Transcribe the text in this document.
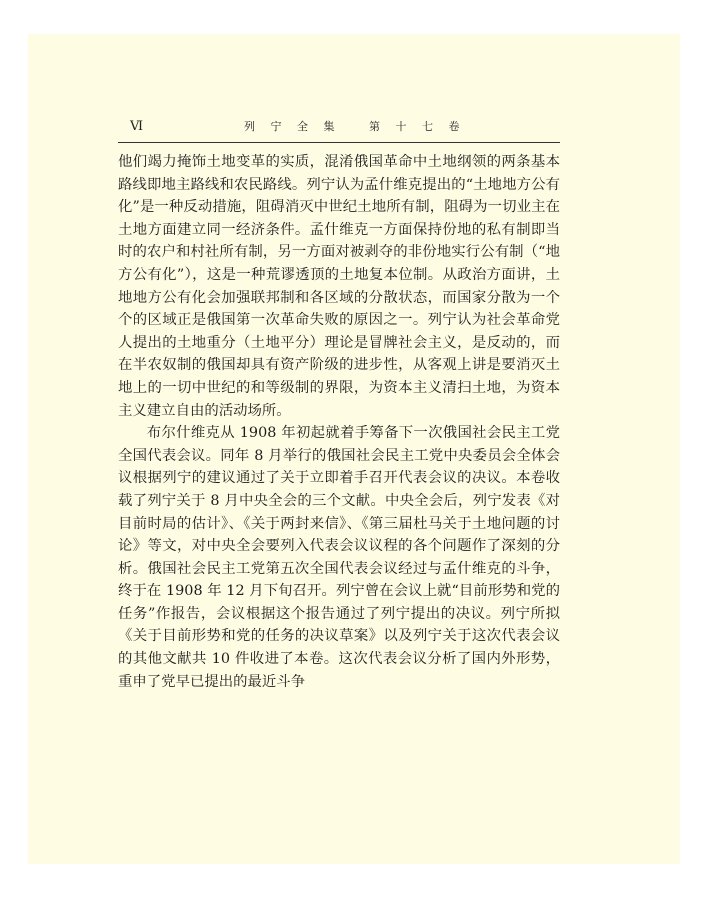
Ⅵ	列 宁 全 集   第 十 七 卷

他们竭力掩饰土地变革的实质，混淆俄国革命中土地纲领的两条基本路线即地主路线和农民路线。列宁认为孟什维克提出的“土地地方公有化”是一种反动措施，阻碍消灭中世纪土地所有制，阻碍为一切业主在土地方面建立同一经济条件。孟什维克一方面保持份地的私有制即当时的农户和村社所有制，另一方面对被剥夺的非份地实行公有制（“地方公有化”），这是一种荒谬透顶的土地复本位制。从政治方面讲，土地地方公有化会加强联邦制和各区域的分散状态，而国家分散为一个个的区域正是俄国第一次革命失败的原因之一。列宁认为社会革命党人提出的土地重分（土地平分）理论是冒牌社会主义，是反动的，而在半农奴制的俄国却具有资产阶级的进步性，从客观上讲是要消灭土地上的一切中世纪的和等级制的界限，为资本主义清扫土地，为资本主义建立自由的活动场所。

布尔什维克从 1908 年初起就着手筹备下一次俄国社会民主工党全国代表会议。同年 8 月举行的俄国社会民主工党中央委员会全体会议根据列宁的建议通过了关于立即着手召开代表会议的决议。本卷收载了列宁关于 8 月中央全会的三个文献。中央全会后，列宁发表《对目前时局的估计》、《关于两封来信》、《第三届杜马关于土地问题的讨论》等文，对中央全会要列入代表会议议程的各个问题作了深刻的分析。俄国社会民主工党第五次全国代表会议经过与孟什维克的斗争，终于在 1908 年 12 月下旬召开。列宁曾在会议上就“目前形势和党的任务”作报告，会议根据这个报告通过了列宁提出的决议。列宁所拟《关于目前形势和党的任务的决议草案》以及列宁关于这次代表会议的其他文献共 10 件收进了本卷。这次代表会议分析了国内外形势，重申了党早已提出的最近斗争
